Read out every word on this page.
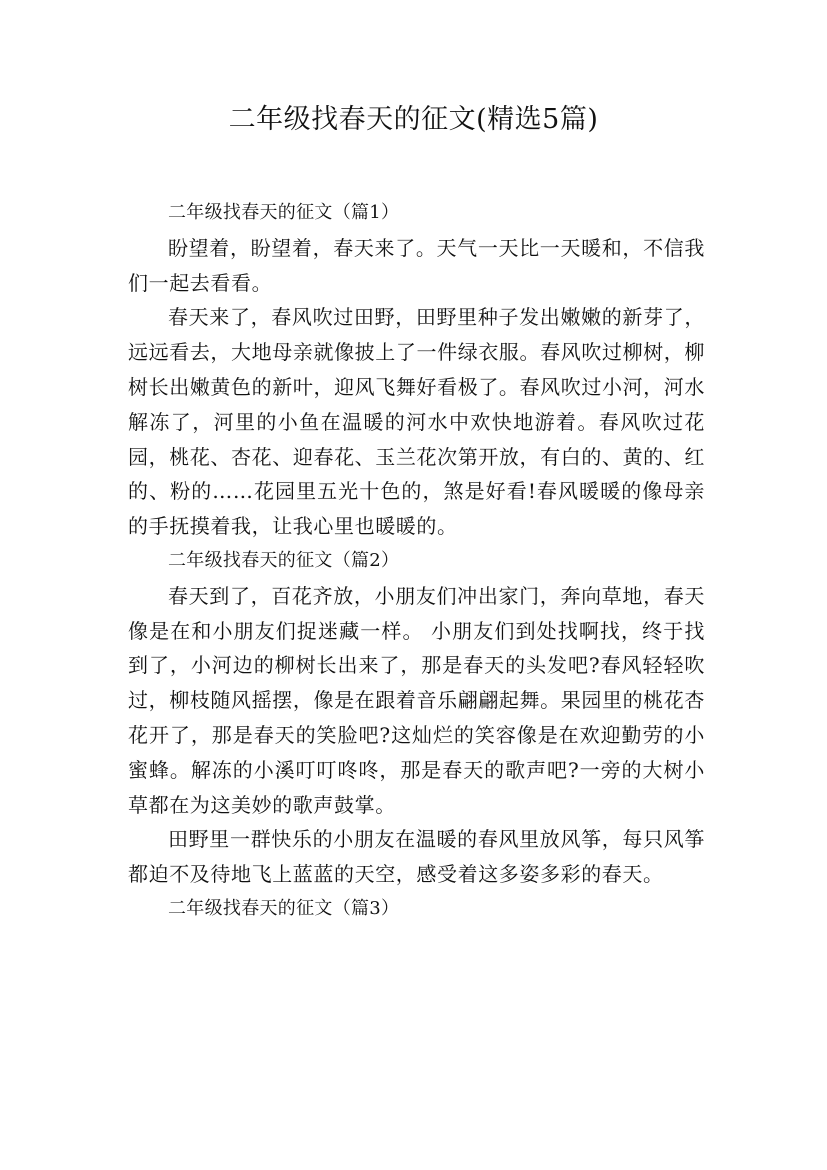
二年级找春天的征文(精选5篇)

二年级找春天的征文（篇1）

盼望着，盼望着，春天来了。天气一天比一天暖和，不信我们一起去看看。

春天来了，春风吹过田野，田野里种子发出嫩嫩的新芽了，远远看去，大地母亲就像披上了一件绿衣服。春风吹过柳树，柳树长出嫩黄色的新叶，迎风飞舞好看极了。春风吹过小河，河水解冻了，河里的小鱼在温暖的河水中欢快地游着。春风吹过花园，桃花、杏花、迎春花、玉兰花次第开放，有白的、黄的、红的、粉的……花园里五光十色的，煞是好看!春风暖暖的像母亲的手抚摸着我，让我心里也暖暖的。

二年级找春天的征文（篇2）

春天到了，百花齐放，小朋友们冲出家门，奔向草地，春天像是在和小朋友们捉迷藏一样。 小朋友们到处找啊找，终于找到了，小河边的柳树长出来了，那是春天的头发吧?春风轻轻吹过，柳枝随风摇摆，像是在跟着音乐翩翩起舞。果园里的桃花杏花开了，那是春天的笑脸吧?这灿烂的笑容像是在欢迎勤劳的小蜜蜂。解冻的小溪叮叮咚咚，那是春天的歌声吧?一旁的大树小草都在为这美妙的歌声鼓掌。

田野里一群快乐的小朋友在温暖的春风里放风筝，每只风筝都迫不及待地飞上蓝蓝的天空，感受着这多姿多彩的春天。

二年级找春天的征文（篇3）
